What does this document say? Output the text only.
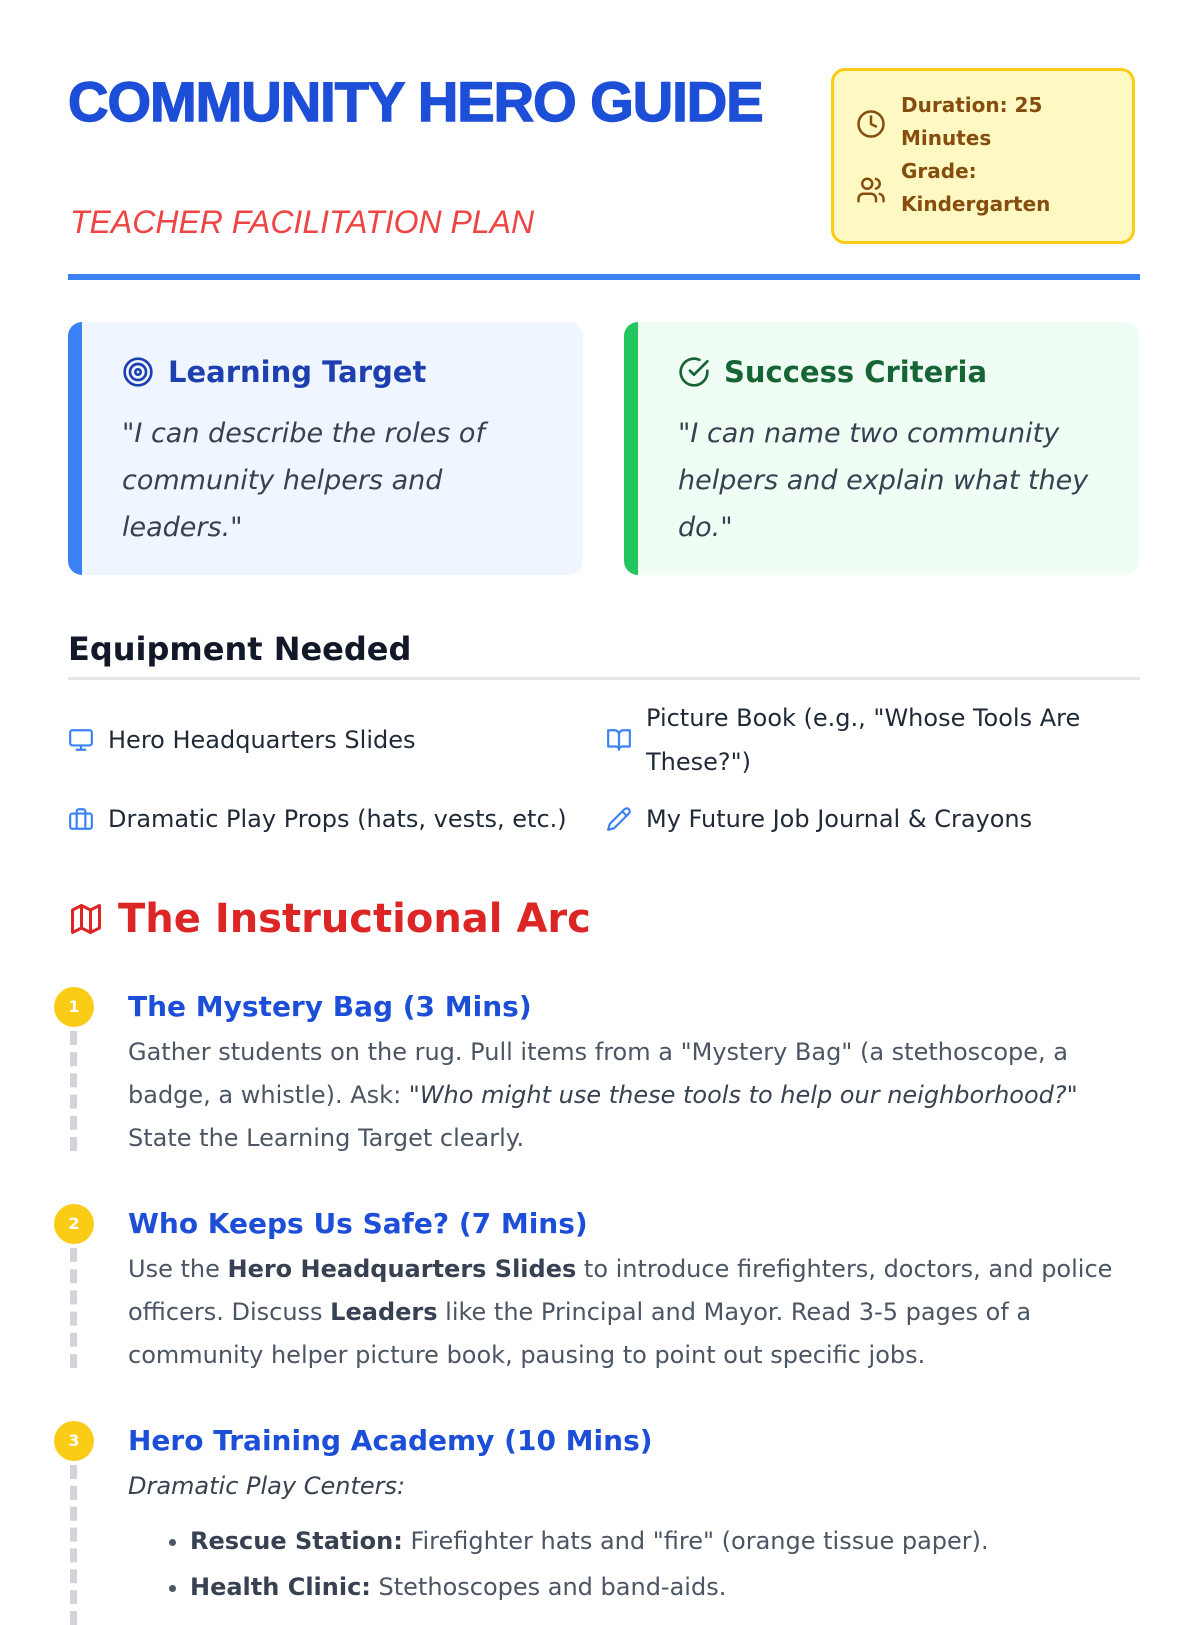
COMMUNITY HERO GUIDE
TEACHER FACILITATION PLAN
Duration: 25 Minutes
Grade: Kindergarten
Learning Target
"I can describe the roles of community helpers and leaders."
Success Criteria
"I can name two community helpers and explain what they do."
Equipment Needed
Hero Headquarters Slides
Picture Book (e.g., "Whose Tools Are These?")
Dramatic Play Props (hats, vests, etc.)	My Future Job Journal & Crayons
The Instructional Arc
1	The Mystery Bag (3 Mins)
Gather students on the rug. Pull items from a "Mystery Bag" (a stethoscope, a badge, a whistle). Ask: "Who might use these tools to help our neighborhood?" State the Learning Target clearly.
2	Who Keeps Us Safe? (7 Mins)
Use the Hero Headquarters Slides to introduce firefighters, doctors, and police officers. Discuss Leaders like the Principal and Mayor. Read 3-5 pages of a community helper picture book, pausing to point out specific jobs.
3	Hero Training Academy (10 Mins)
Dramatic Play Centers:
• Rescue Station: Firefighter hats and "fire" (orange tissue paper).
• Health Clinic: Stethoscopes and band-aids.
